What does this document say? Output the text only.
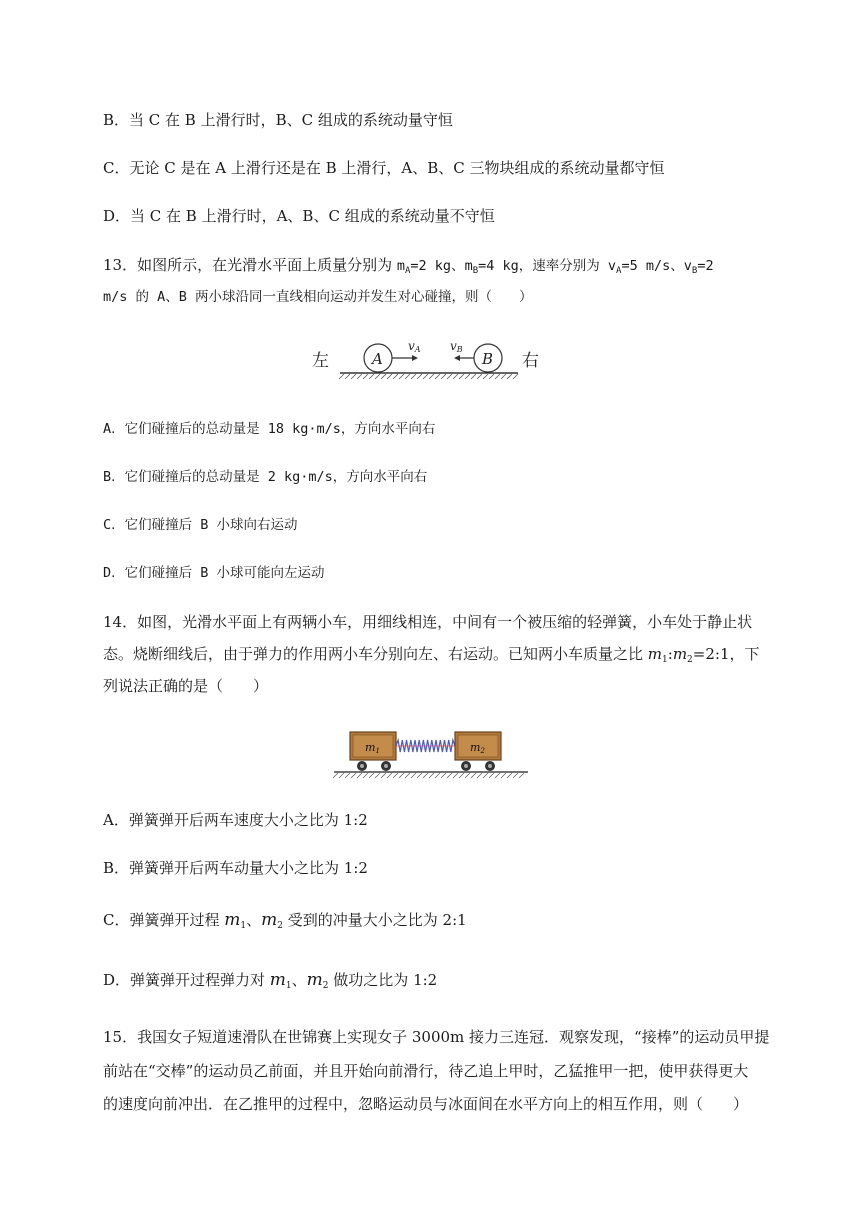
B．当 C 在 B 上滑行时，B、C 组成的系统动量守恒
C．无论 C 是在 A 上滑行还是在 B 上滑行，A、B、C 三物块组成的系统动量都守恒
D．当 C 在 B 上滑行时，A、B、C 组成的系统动量不守恒
13．如图所示，在光滑水平面上质量分别为 $m_A=2$ kg、$m_B=4$ kg，速率分别为 $v_A=5$ m/s、$v_B=2$
m/s 的 A、B 两小球沿同一直线相向运动并发生对心碰撞，则（　　）
左	右
A	B
vA vB
A．它们碰撞后的总动量是 18 kg·m/s，方向水平向右
B．它们碰撞后的总动量是 2 kg·m/s，方向水平向右
C．它们碰撞后 B 小球向右运动
D．它们碰撞后 B 小球可能向左运动
14．如图，光滑水平面上有两辆小车，用细线相连，中间有一个被压缩的轻弹簧，小车处于静止状
态。烧断细线后，由于弹力的作用两小车分别向左、右运动。已知两小车质量之比 $m_1:m_2=2:1$，下
列说法正确的是（　　）
m1	m2
A．弹簧弹开后两车速度大小之比为 1:2
B．弹簧弹开后两车动量大小之比为 1:2
C．弹簧弹开过程 $m_1$、$m_2$ 受到的冲量大小之比为 2:1
D．弹簧弹开过程弹力对 $m_1$、$m_2$ 做功之比为 1:2
15．我国女子短道速滑队在世锦赛上实现女子 3000m 接力三连冠．观察发现，“接棒”的运动员甲提
前站在“交棒”的运动员乙前面，并且开始向前滑行，待乙追上甲时，乙猛推甲一把，使甲获得更大
的速度向前冲出．在乙推甲的过程中，忽略运动员与冰面间在水平方向上的相互作用，则（　　）
